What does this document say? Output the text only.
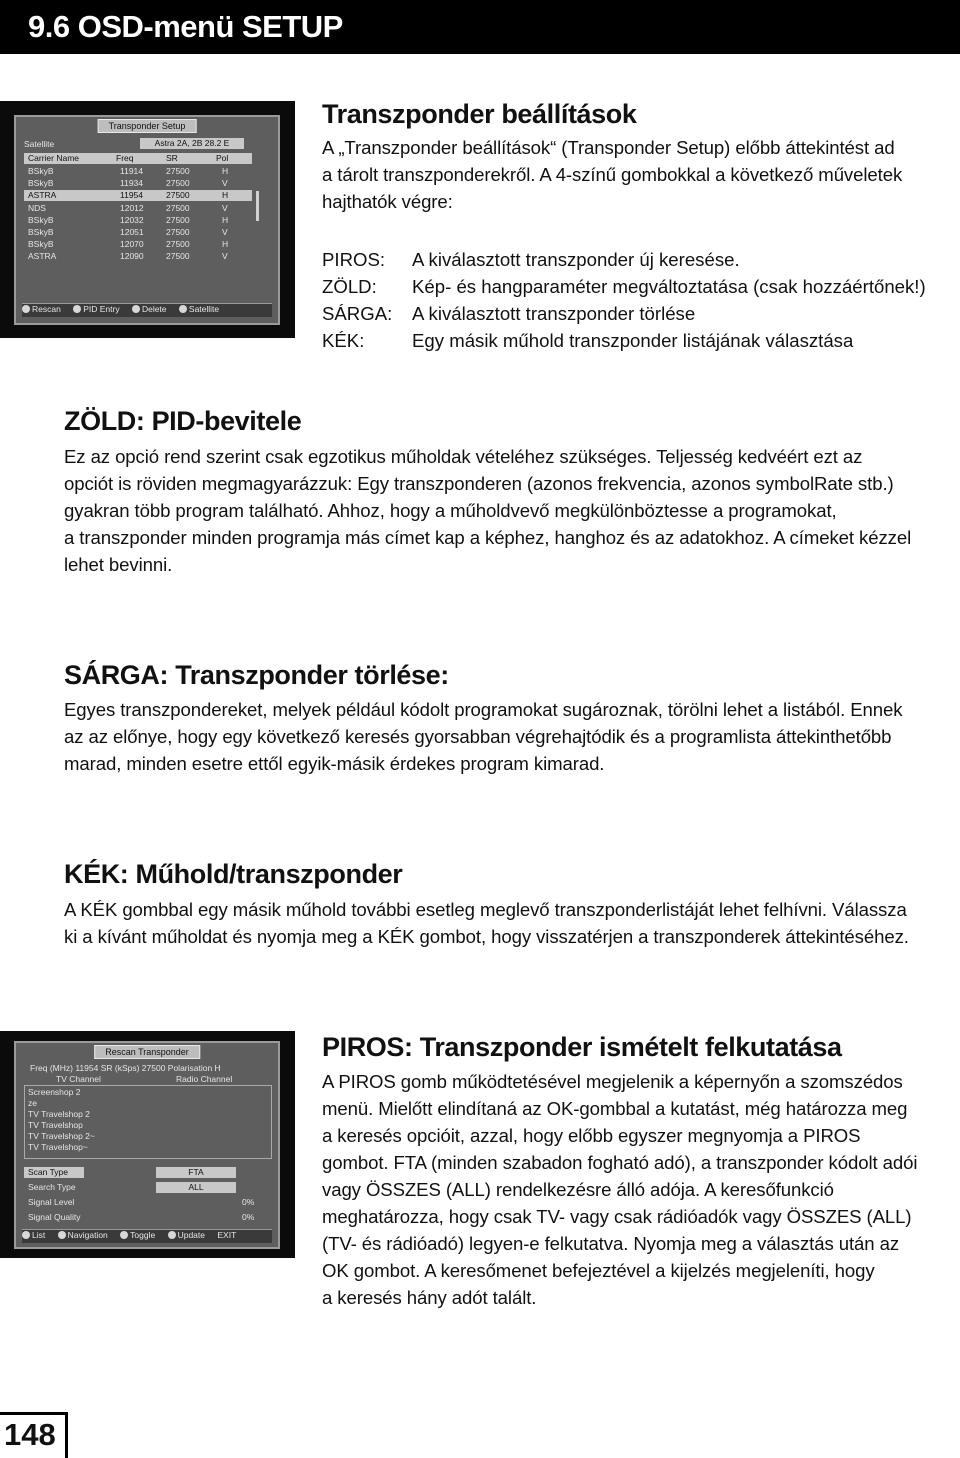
9.6 OSD-menü SETUP
Transponder Setup
Satellite	Astra 2A, 2B 28.2 E
Carrier Name	Freq	SR	Pol
BSkyB	11914	27500	H
BSkyB	11934	27500	V
ASTRA	11954	27500	H
NDS	12012	27500	V
BSkyB	12032	27500	H
BSkyB	12051	27500	V
BSkyB	12070	27500	H
ASTRA	12090	27500	V
Rescan	PID Entry	Delete	Satellite
Transzponder beállítások
A „Transzponder beállítások“ (Transponder Setup) előbb áttekintést ad
a tárolt transzponderekről. A 4-színű gombokkal a következő műveletek
hajthatók végre:
PIROS:	A kiválasztott transzponder új keresése.
ZÖLD:	Kép- és hangparaméter megváltoztatása (csak hozzáértőnek!)
SÁRGA:	A kiválasztott transzponder törlése
KÉK:	Egy másik műhold transzponder listájának választása
ZÖLD: PID-bevitele
Ez az opció rend szerint csak egzotikus műholdak vételéhez szükséges. Teljesség kedvéért ezt az
opciót is röviden megmagyarázzuk: Egy transzponderen (azonos frekvencia, azonos symbolRate stb.)
gyakran több program található. Ahhoz, hogy a műholdvevő megkülönböztesse a programokat,
a transzponder minden programja más címet kap a képhez, hanghoz és az adatokhoz. A címeket kézzel
lehet bevinni.
SÁRGA: Transzponder törlése:
Egyes transzpondereket, melyek például kódolt programokat sugároznak, törölni lehet a listából. Ennek
az az előnye, hogy egy következő keresés gyorsabban végrehajtódik és a programlista áttekinthetőbb
marad, minden esetre ettől egyik-másik érdekes program kimarad.
KÉK: Műhold/transzponder
A KÉK gombbal egy másik műhold további esetleg meglevő transzponderlistáját lehet felhívni. Válassza
ki a kívánt műholdat és nyomja meg a KÉK gombot, hogy visszatérjen a transzponderek áttekintéséhez.
Rescan Transponder
Freq (MHz) 11954 SR (kSps) 27500 Polarisation H
TV Channel	Radio Channel
Screenshop 2
ze
TV Travelshop 2
TV Travelshop
TV Travelshop 2~
TV Travelshop~
Scan Type	FTA
Search Type	ALL
Signal Level	0%
Signal Quality	0%
List	Navigation	Toggle	Update EXIT
PIROS: Transzponder ismételt felkutatása
A PIROS gomb működtetésével megjelenik a képernyőn a szomszédos
menü. Mielőtt elindítaná az OK-gombbal a kutatást, még határozza meg
a keresés opcióit, azzal, hogy előbb egyszer megnyomja a PIROS
gombot. FTA (minden szabadon fogható adó), a transzponder kódolt adói
vagy ÖSSZES (ALL) rendelkezésre álló adója. A keresőfunkció
meghatározza, hogy csak TV- vagy csak rádióadók vagy ÖSSZES (ALL)
(TV- és rádióadó) legyen-e felkutatva. Nyomja meg a választás után az
OK gombot. A keresőmenet befejeztével a kijelzés megjeleníti, hogy
a keresés hány adót talált.
148
